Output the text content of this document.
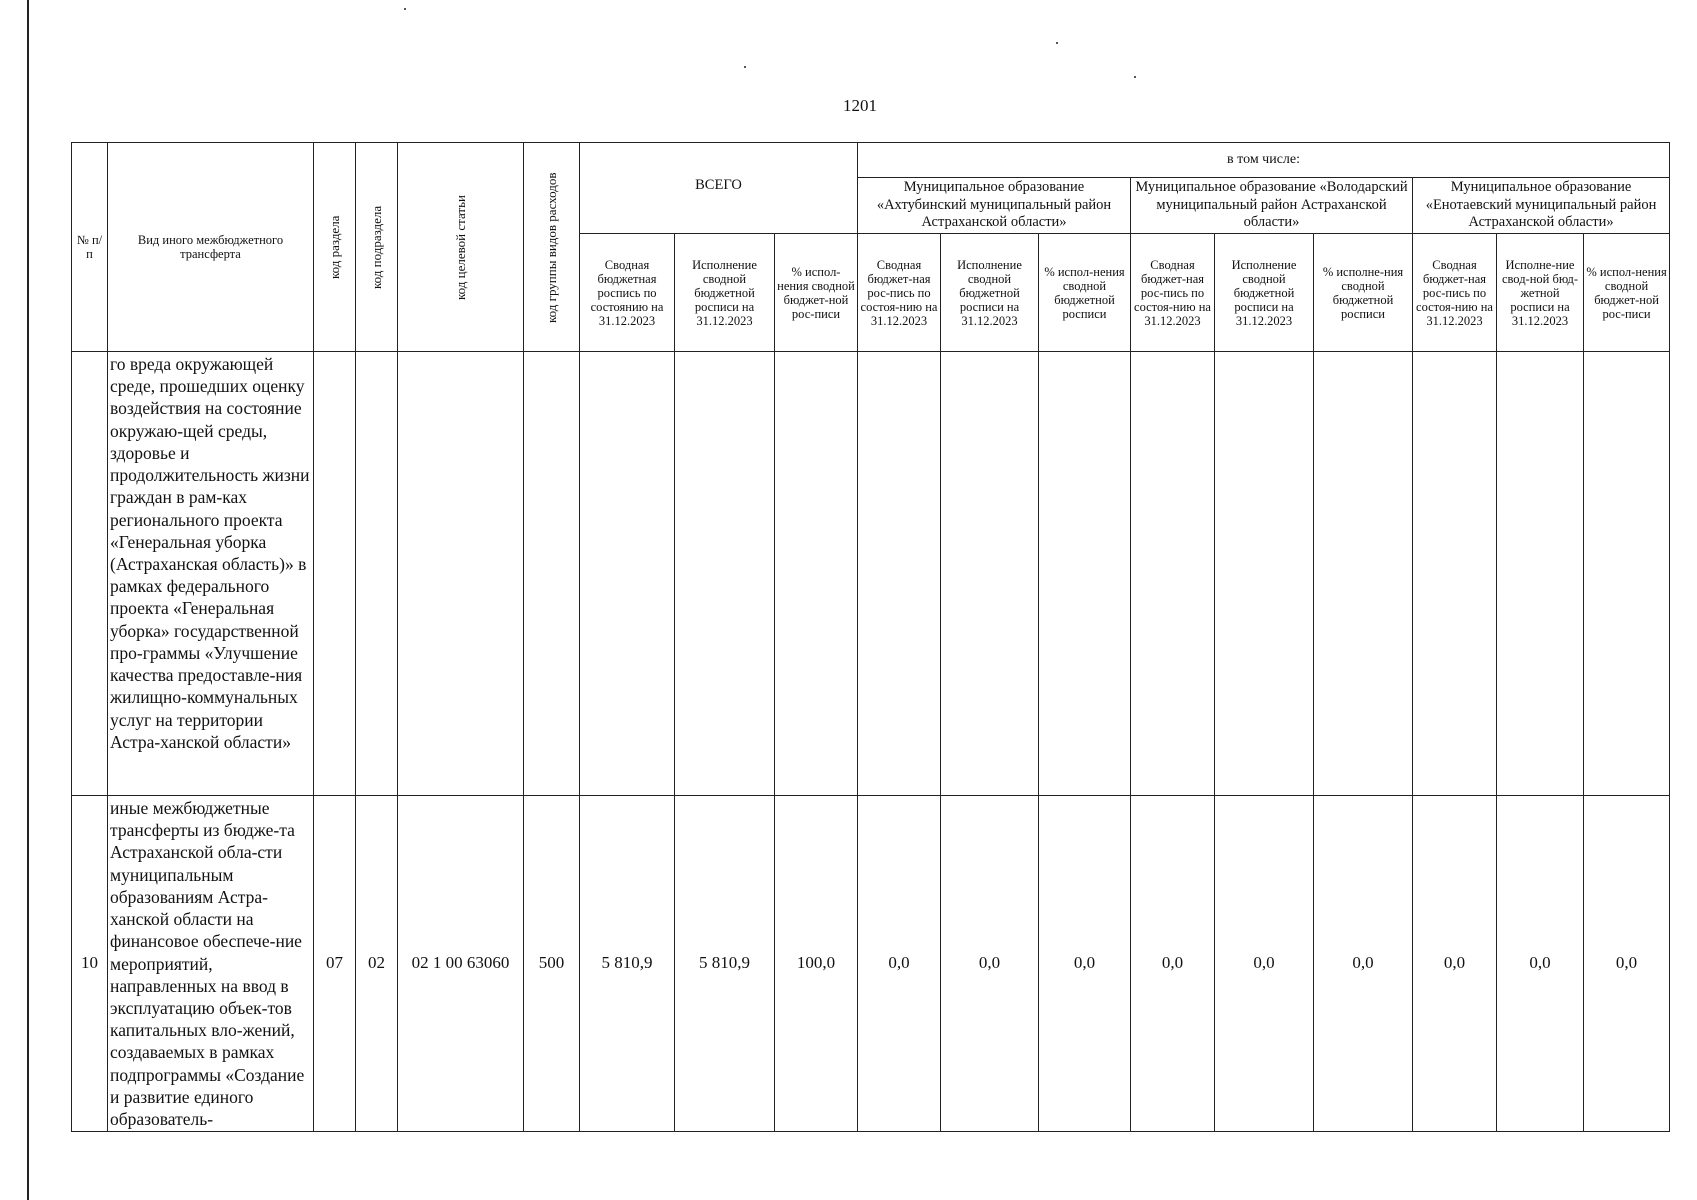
1201
№ п/п	Вид иного межбюджетного трансферта	код раздела	код подраздела	код целевой статьи	код группы видов расходов	ВСЕГО			в том числе:								
									Муниципальное образование «Ахтубинский муниципальный район Астраханской области»			Муниципальное образование «Володарский муниципальный район Астраханской области»			Муниципальное образование «Енотаевский муниципальный район Астраханской области»		
						Сводная бюджетная роспись по состоянию на 31.12.2023	Исполнение сводной бюджетной росписи на 31.12.2023	% испол-нения сводной бюджет-ной рос-писи	Сводная бюджет-ная рос-пись по состоя-нию на 31.12.2023	Исполнение сводной бюджетной росписи на 31.12.2023	% испол-нения сводной бюджетной росписи	Сводная бюджет-ная рос-пись по состоя-нию на 31.12.2023	Исполнение сводной бюджетной росписи на 31.12.2023	% исполне-ния сводной бюджетной росписи	Сводная бюджет-ная рос-пись по состоя-нию на 31.12.2023	Исполне-ние свод-ной бюд-жетной росписи на 31.12.2023	% испол-нения сводной бюджет-ной рос-писи
	го вреда окружающей среде, прошедших оценку воздействия на состояние окружаю-щей среды, здоровье и продолжительность жизни граждан в рам-ках регионального проекта «Генеральная уборка (Астраханская область)» в рамках федерального проекта «Генеральная уборка» государственной про-граммы «Улучшение качества предоставле-ния жилищно-коммунальных услуг на территории Астра-ханской области»																
10	иные межбюджетные трансферты из бюдже-та Астраханской обла-сти муниципальным образованиям Астра-ханской области на финансовое обеспече-ние мероприятий, направленных на ввод в эксплуатацию объек-тов капитальных вло-жений, создаваемых в рамках подпрограммы «Создание и развитие единого образователь-	07	02	02 1 00 63060	500	5 810,9	5 810,9	100,0	0,0	0,0	0,0	0,0	0,0	0,0	0,0	0,0	0,0
